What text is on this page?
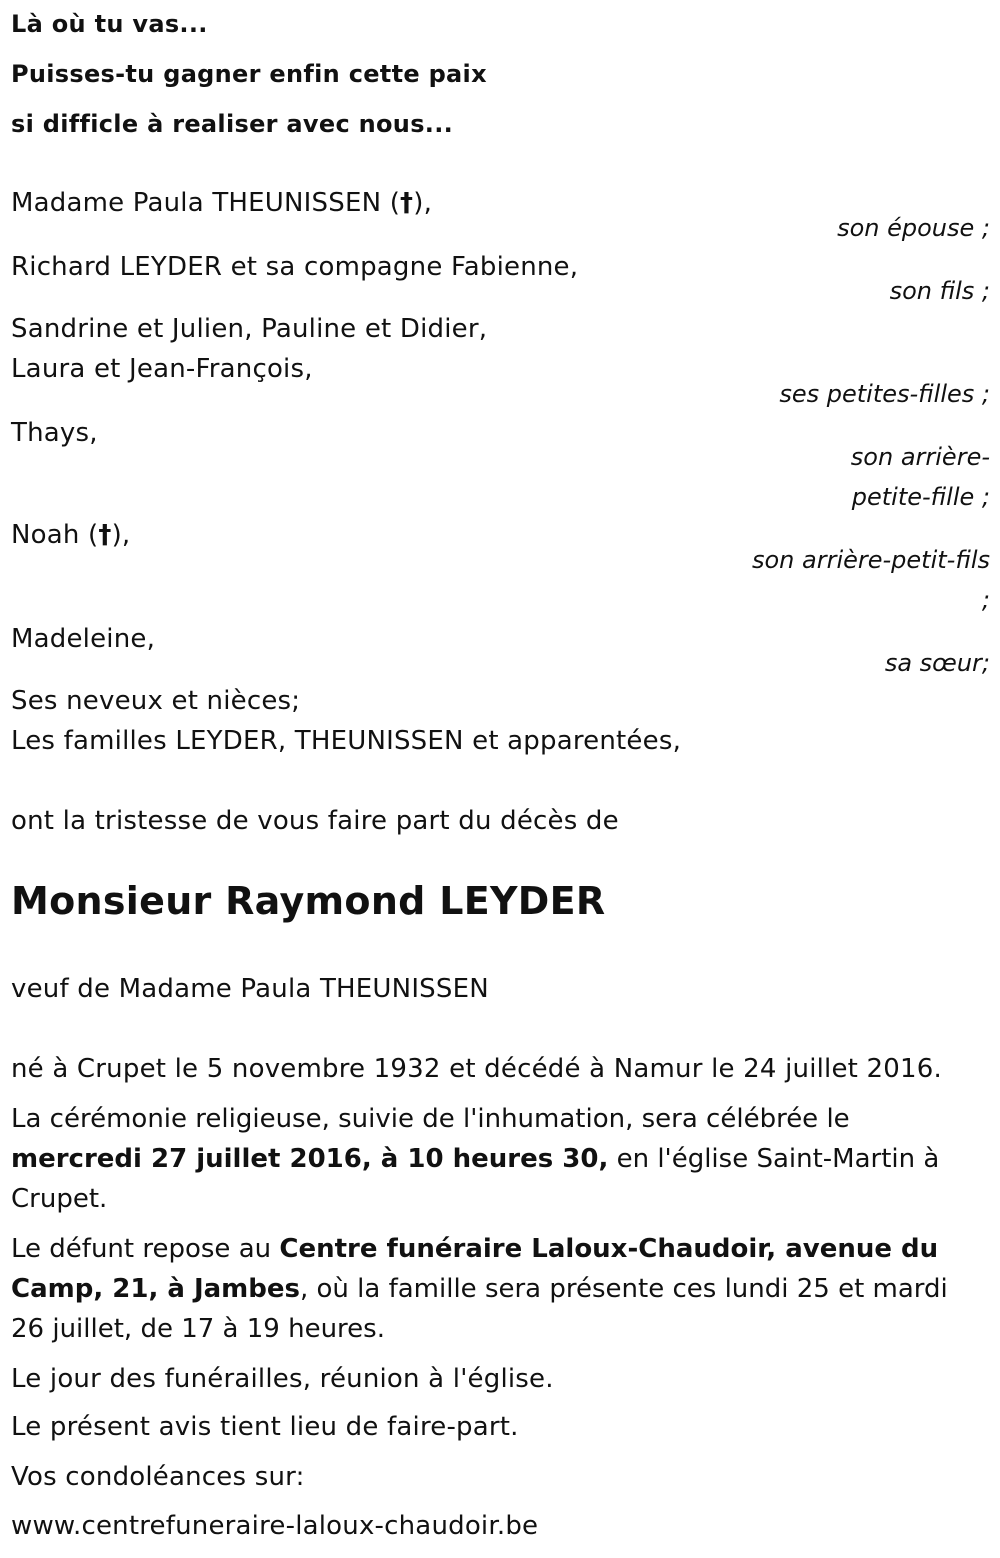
Là où tu vas...

Puisses-tu gagner enfin cette paix

si difficle à realiser avec nous...

Madame Paula THEUNISSEN (†),

son épouse ;

Richard LEYDER et sa compagne Fabienne,

son fils ;

Sandrine et Julien, Pauline et Didier,

Laura et Jean-François,

ses petites-filles ;

Thays,

son arrière-

petite-fille ;

Noah (†),

son arrière-petit-fils

;

Madeleine,

sa sœur;

Ses neveux et nièces;

Les familles LEYDER, THEUNISSEN et apparentées,

ont la tristesse de vous faire part du décès de

Monsieur Raymond LEYDER

veuf de Madame Paula THEUNISSEN

né à Crupet le 5 novembre 1932 et décédé à Namur le 24 juillet 2016.

La cérémonie religieuse, suivie de l'inhumation, sera célébrée le mercredi 27 juillet 2016, à 10 heures 30, en l'église Saint-Martin à Crupet.

Le défunt repose au Centre funéraire Laloux-Chaudoir, avenue du Camp, 21, à Jambes, où la famille sera présente ces lundi 25 et mardi 26 juillet, de 17 à 19 heures.

Le jour des funérailles, réunion à l'église.

Le présent avis tient lieu de faire-part.

Vos condoléances sur:

www.centrefuneraire-laloux-chaudoir.be
